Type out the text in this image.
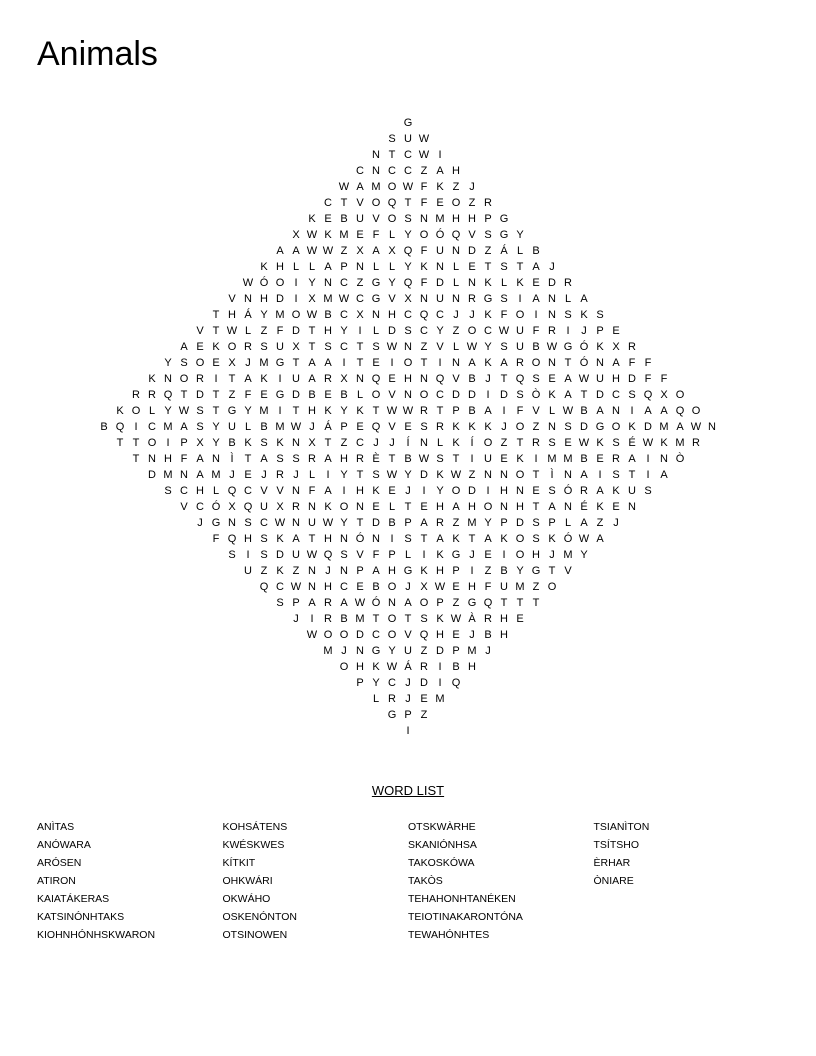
Animals
G
S U W
N T C W I
C N C C Z A H
W A M O W F K Z J
C T V O Q T F E O Z R
K E B U V O S N M H H P G
X W K M E F L Y O Ó Q V S G Y
A A W W Z X A X Q F U N D Z Á L B
K H L L A P N L L Y K N L E T S T A J
W Ó O I Y N C Z G Y Q F D L N K L K E D R
V N H D I X M W C G V X N U N R G S I A N L A
T H Á Y M O W B C X N H C Q C J J K F O I N S K S
V T W L Z F D T H Y I L D S C Y Z O C W U F R I J P E
A E K O R S U X T S C T S W N Z V L W Y S U B W G Ó K X R
Y S O E X J M G T A A I T E I O T I N A K A R O N T Ó N A F F
K N O R I T A K I U A R X N Q E H N Q V B J T Q S E A W U H D F F
R R Q T D T Z F E G D B E B L O V N O C D D I D S Ò K A T D C S Q X O
K O L Y W S T G Y M I T H K Y K T W W R T P B A I F V L W B A N I A A Q O
B Q I C M A S Y U L B M W J Á P E Q V E S R K K K J O Z N S D G O K D M A W N
T T O I P X Y B K S K N X T Z C J J Í N L K Í O Z T R S E W K S É W K M R
T N H F A N Ì T A S S R A H R È T B W S T I U E K I M M B E R A I N Ò
D M N A M J E J R J L I Y T S W Y D K W Z N N O T Ì N A I S T I A
S C H L Q C V V N F A I H K E J I Y O D I H N E S Ó R A K U S
V C Ó X Q U X R N K O N E L T E H A H O N H T A N É K E N
J G N S C W N U W Y T D B P A R Z M Y P D S P L A Z J
F Q H S K A T H N Ó N I S T A K T A K O S K Ó W A
S I S D U W Q S V F P L I K G J E I O H J M Y
U Z K Z N J N P A H G K H P I Z B Y G T V
Q C W N H C E B O J X W E H F U M Z O
S P A R A W Ó N A O P Z G Q T T T
J I R B M T O T S K W À R H E
W O O D C O V Q H E J B H
M J N G Y U Z D P M J
O H K W Á R I B H
P Y C J D I Q
L R J E M
G P Z
I
WORD LIST
ANÌTAS
ANÓWARA
ARÓSEN
ATIRON
KAIATÁKERAS
KATSINÓNHTAKS
KIOHNHÓNHSKWARON
KOHSÁTENS
KWÉSKWES
KÍTKIT
OHKWÁRI
OKWÁHO
OSKENÓNTON
OTSINOWEN
OTSKWÀRHE
SKANIÓNHSA
TAKOSKÓWA
TAKÒS
TEHAHONHTANÉKEN
TEIOTINAKARONTÓNA
TEWAHÓNHTES
TSIANÌTON
TSÍTSHO
ÈRHAR
ÒNIARE
